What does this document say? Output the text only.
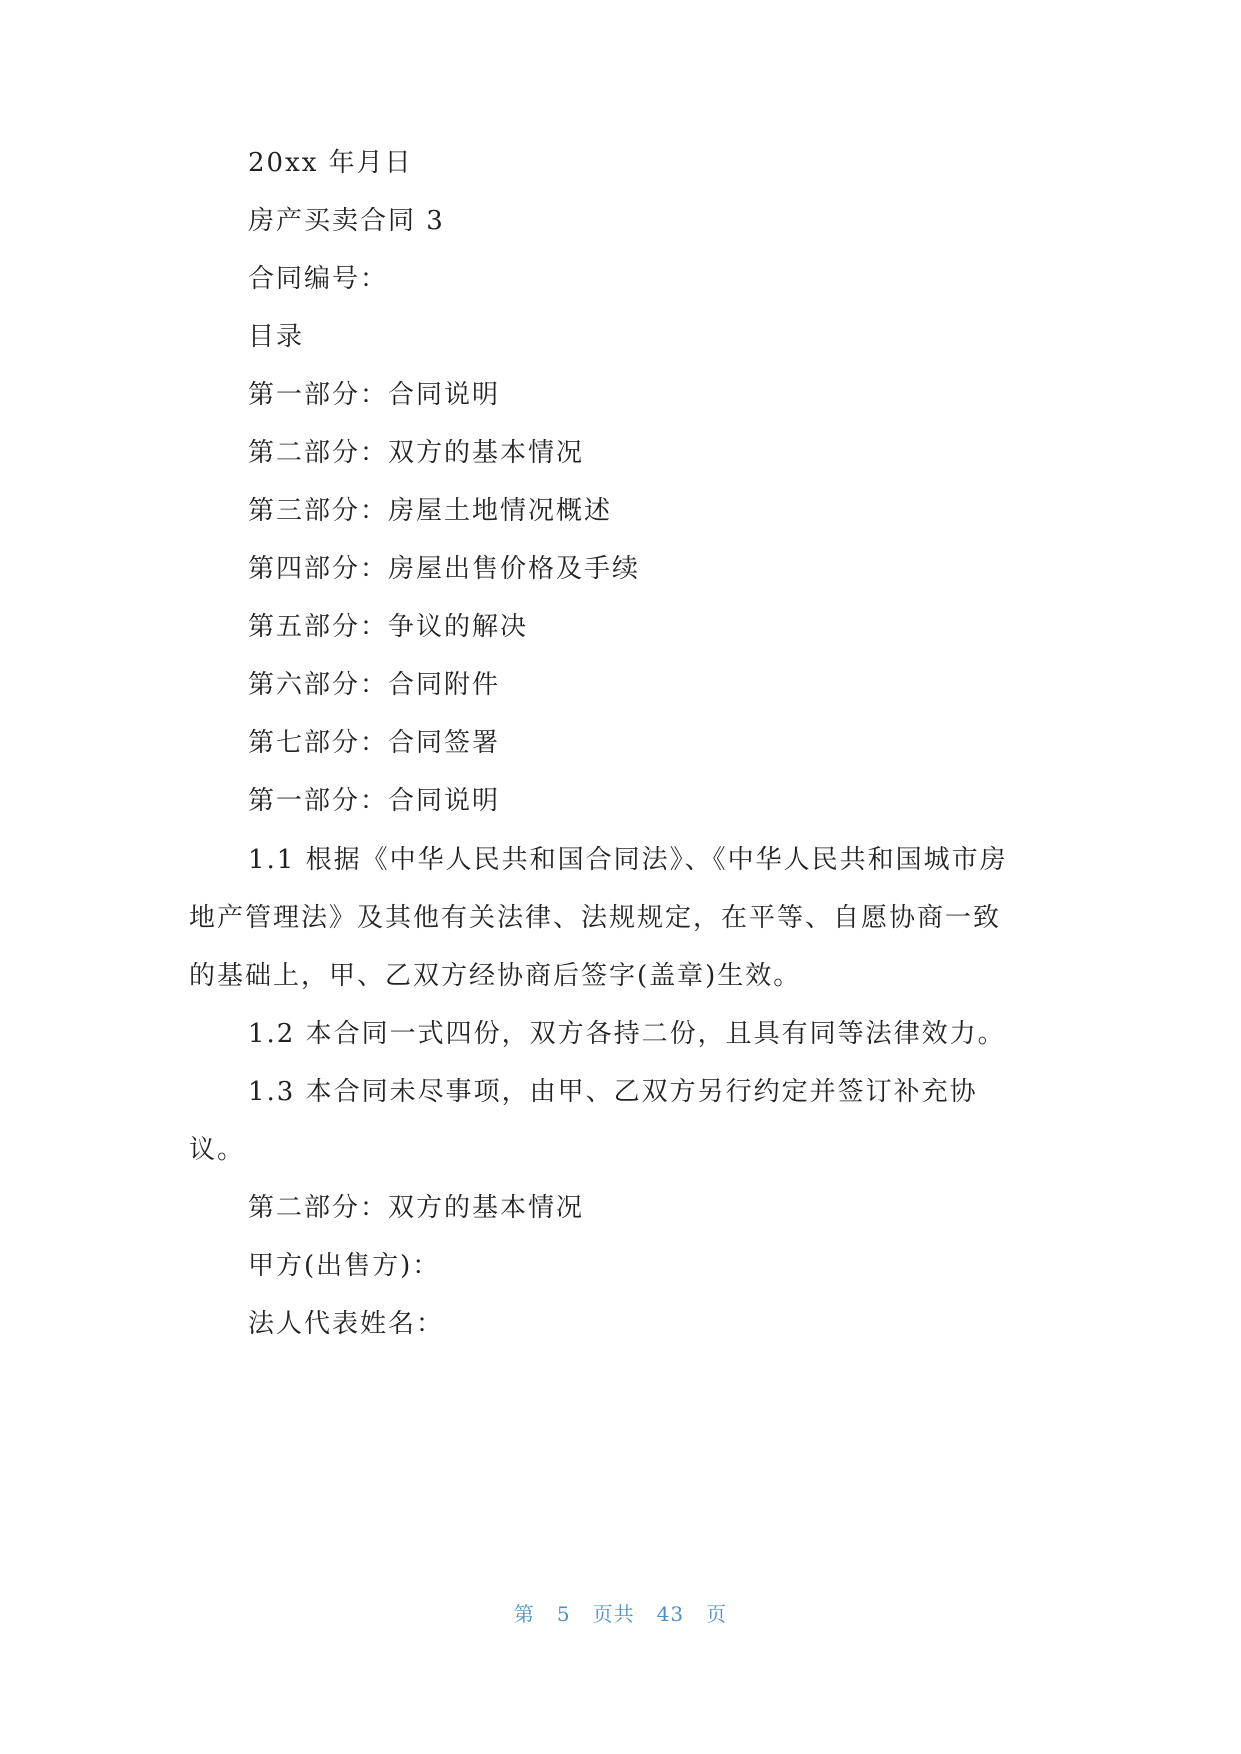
20xx 年月日
房产买卖合同 3
合同编号：
目录
第一部分：合同说明
第二部分：双方的基本情况
第三部分：房屋土地情况概述
第四部分：房屋出售价格及手续
第五部分：争议的解决
第六部分：合同附件
第七部分：合同签署
第一部分：合同说明
1.1 根据《中华人民共和国合同法》、《中华人民共和国城市房
地产管理法》及其他有关法律、法规规定，在平等、自愿协商一致
的基础上，甲、乙双方经协商后签字(盖章)生效。
1.2 本合同一式四份，双方各持二份，且具有同等法律效力。
1.3 本合同未尽事项，由甲、乙双方另行约定并签订补充协
议。
第二部分：双方的基本情况
甲方(出售方)：
法人代表姓名：
第 5 页共 43 页
